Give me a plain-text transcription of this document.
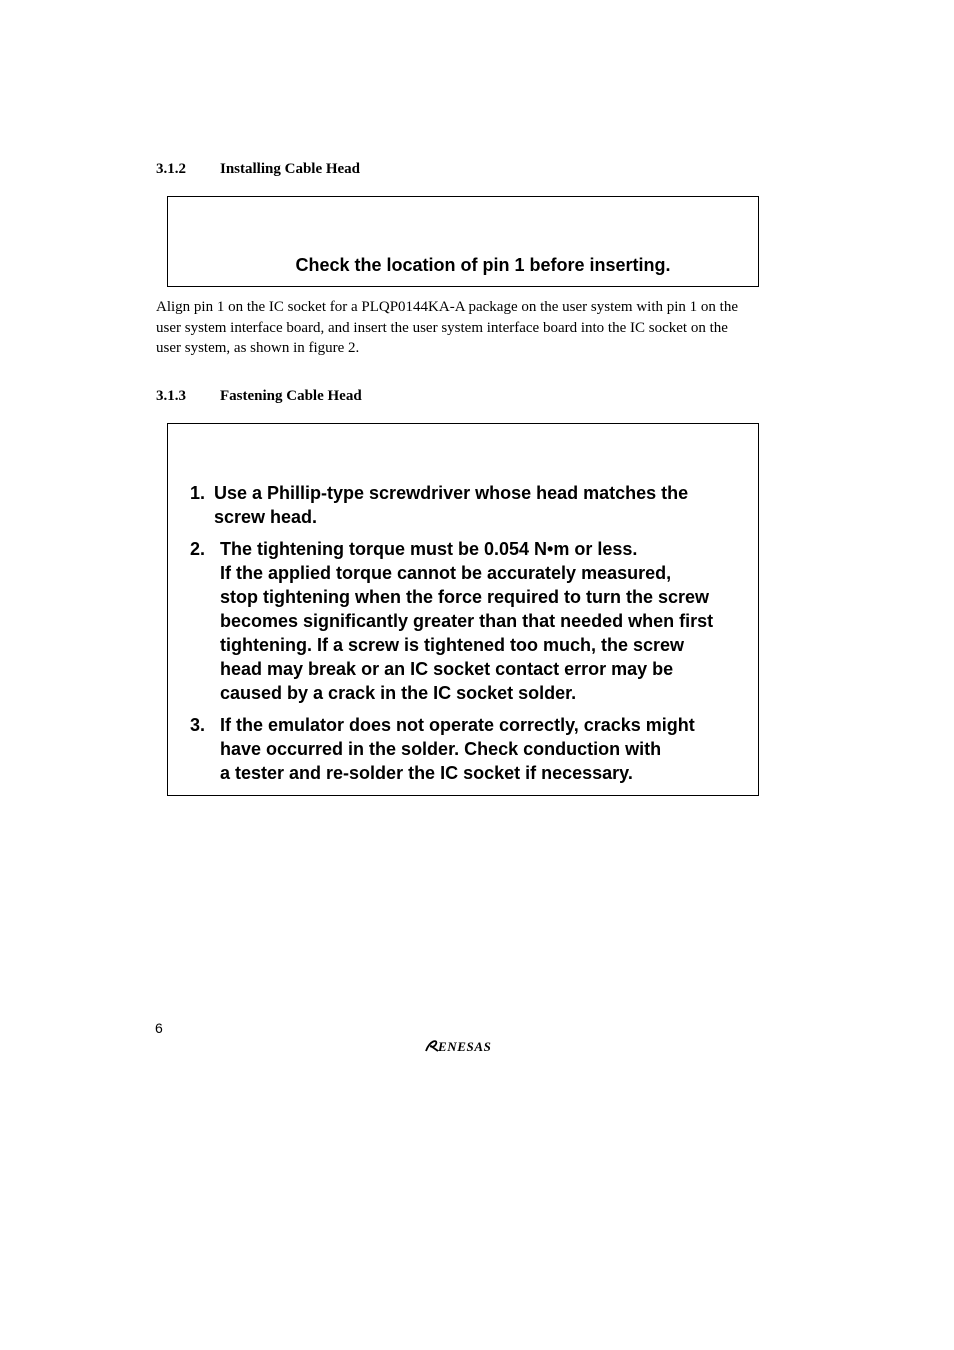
3.1.2 Installing Cable Head
Check the location of pin 1 before inserting.
Align pin 1 on the IC socket for a PLQP0144KA-A package on the user system with pin 1 on the
user system interface board, and insert the user system interface board into the IC socket on the
user system, as shown in figure 2.
3.1.3 Fastening Cable Head
1. Use a Phillip-type screwdriver whose head matches the
screw head.
2. The tightening torque must be 0.054 N•m or less.
If the applied torque cannot be accurately measured,
stop tightening when the force required to turn the screw
becomes significantly greater than that needed when first
tightening. If a screw is tightened too much, the screw
head may break or an IC socket contact error may be
caused by a crack in the IC socket solder.
3. If the emulator does not operate correctly, cracks might
have occurred in the solder. Check conduction with
a tester and re-solder the IC socket if necessary.
6
ENESAS
